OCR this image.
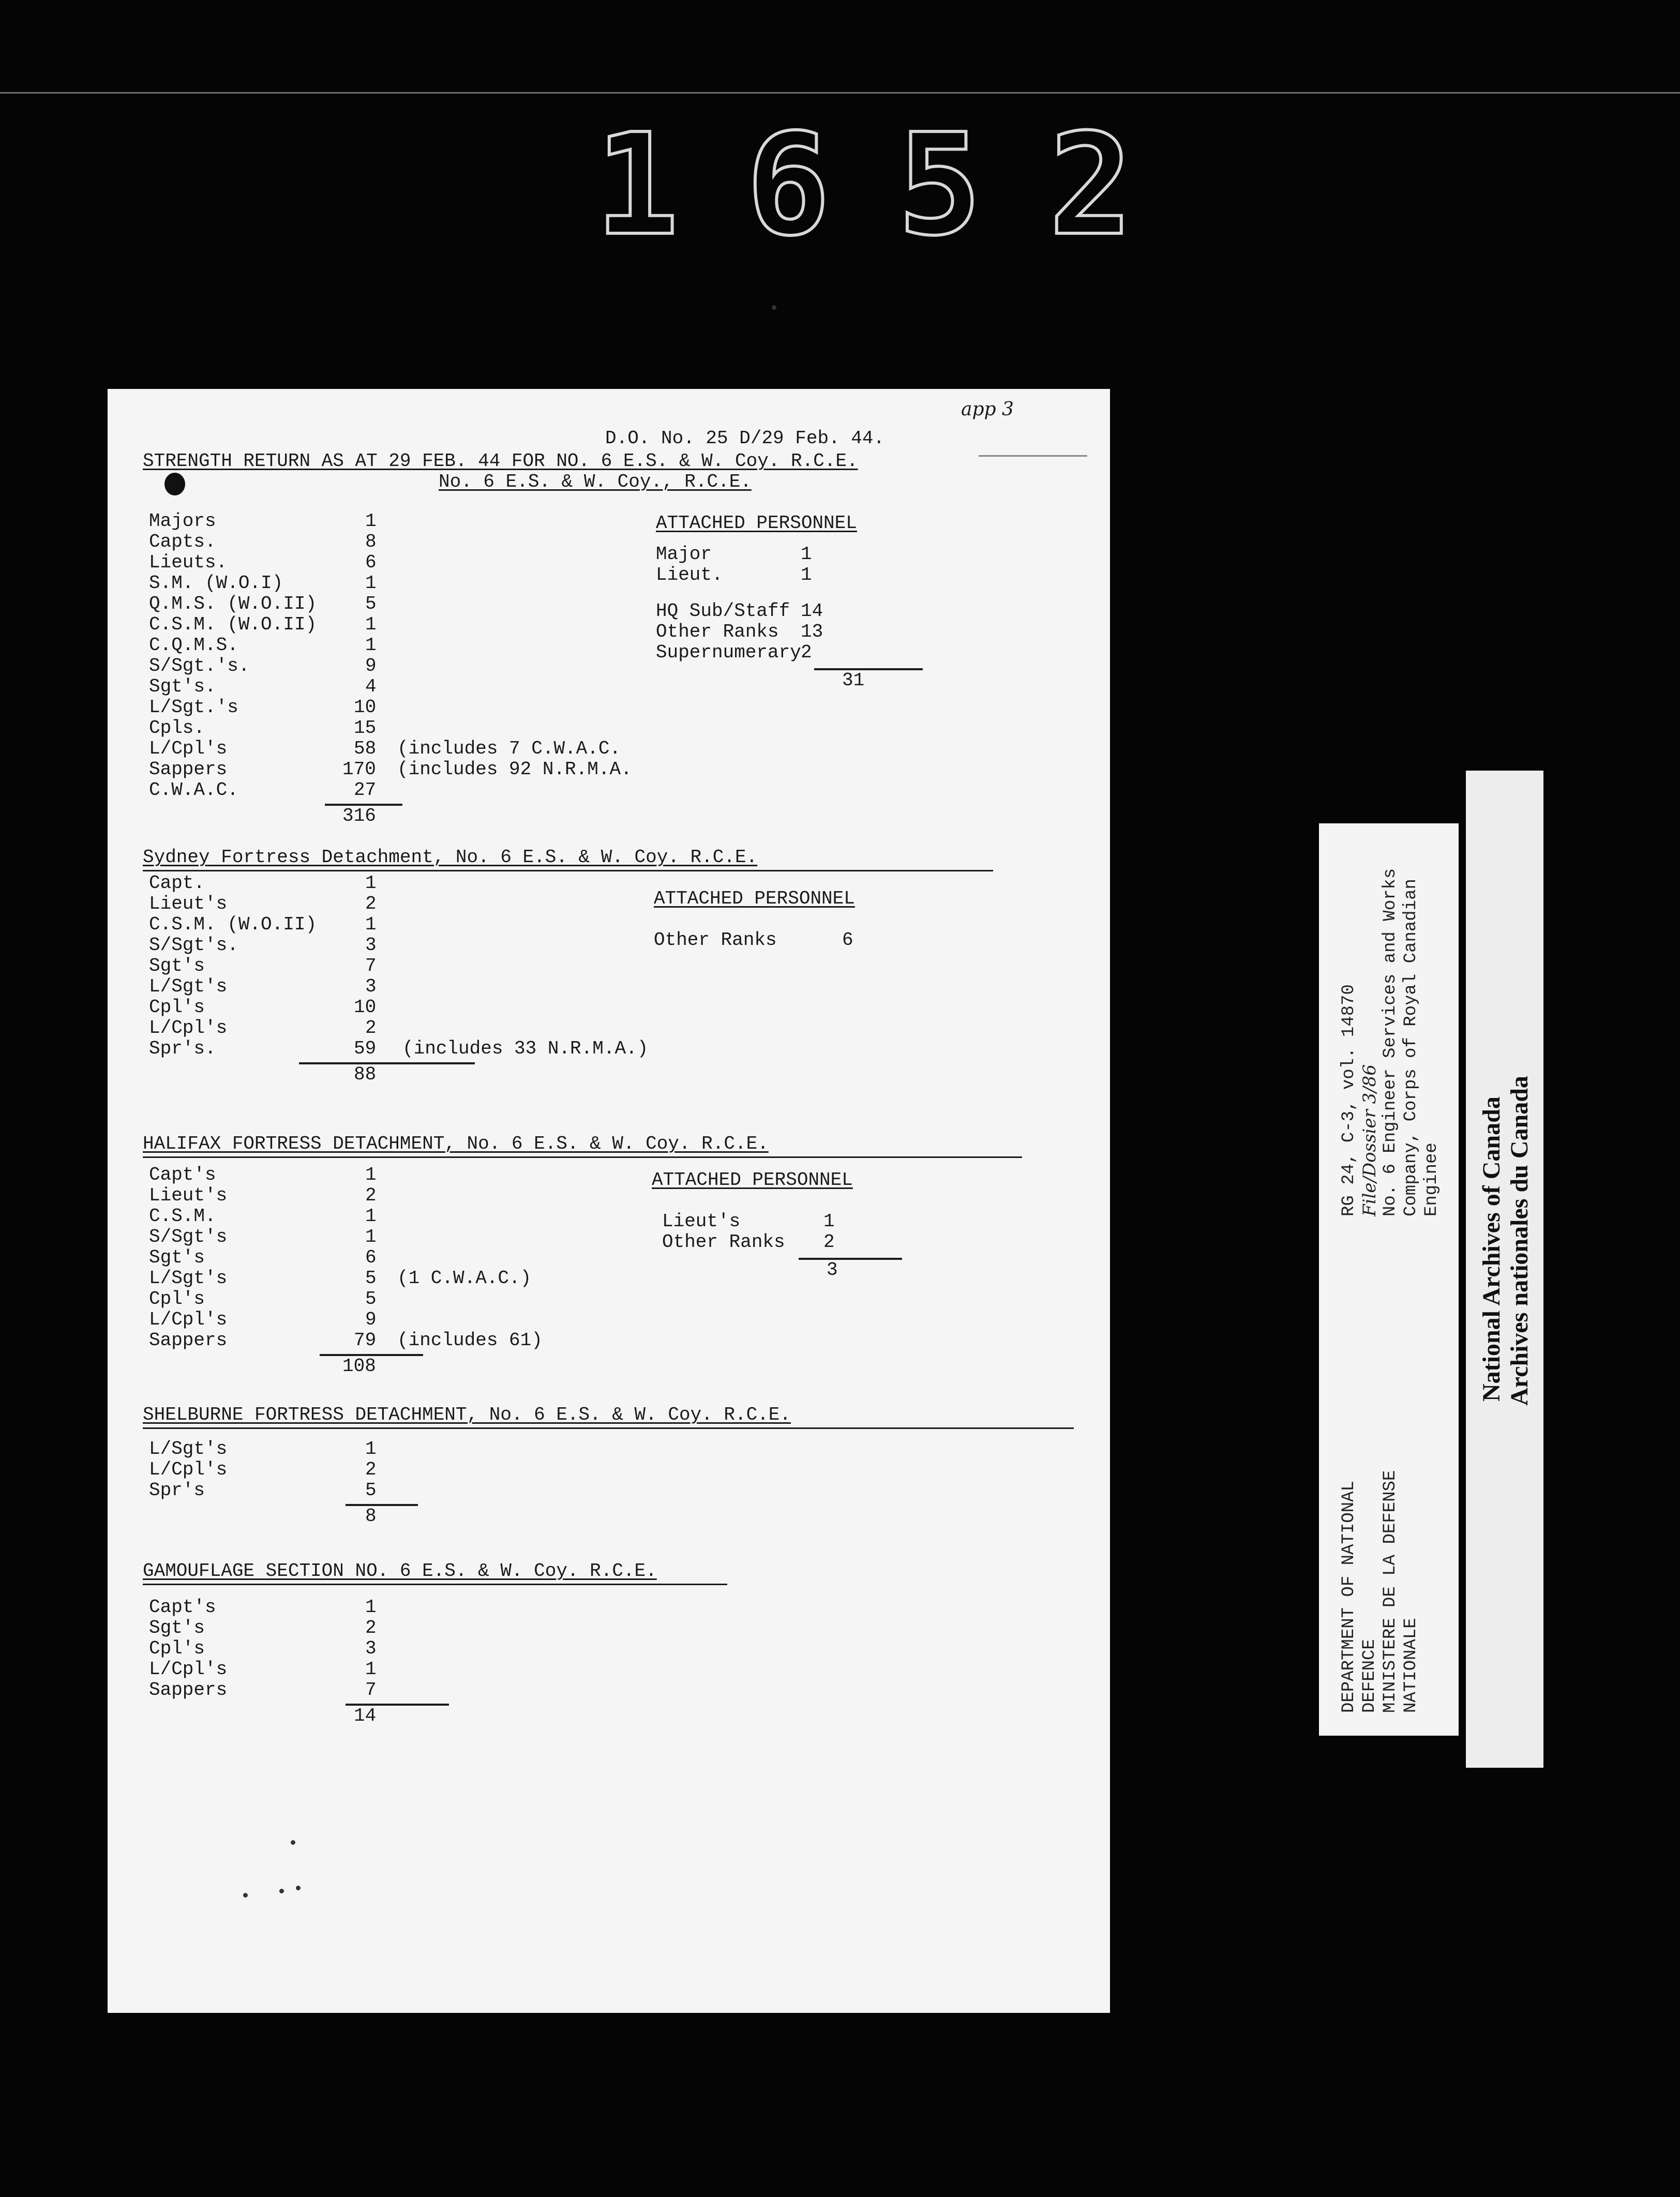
1652
D.O. No. 25 D/29 Feb. 44.
app 3
STRENGTH RETURN AS AT 29 FEB. 44 FOR NO. 6 E.S. & W. Coy. R.C.E.
No. 6 E.S. & W. Coy., R.C.E.
Majors	1
Capts.	8
Lieuts.	6
S.M. (W.O.I)	1
Q.M.S. (W.O.II)	5
C.S.M. (W.O.II)	1
C.Q.M.S.	1
S/Sgt.'s.	9
Sgt's.	4
L/Sgt.'s	10
Cpls.	15
L/Cpl's	58 (includes 7 C.W.A.C.
Sappers	170 (includes 92 N.R.M.A.
C.W.A.C.	27
316
ATTACHED PERSONNEL
Major	1
Lieut.	1
HQ Sub/Staff 14
Other Ranks 13
Supernumerary 2
31
Sydney Fortress Detachment, No. 6 E.S. & W. Coy. R.C.E.
Capt.	1
Lieut's	2
C.S.M. (W.O.II)	1
S/Sgt's.	3
Sgt's	7
L/Sgt's	3
Cpl's	10
L/Cpl's	2
Spr's.	59 (includes 33 N.R.M.A.)
88
ATTACHED PERSONNEL
Other Ranks	6
HALIFAX FORTRESS DETACHMENT, No. 6 E.S. & W. Coy. R.C.E.
Capt's	1
Lieut's	2
C.S.M.	1
S/Sgt's	1
Sgt's	6
L/Sgt's	5 (1 C.W.A.C.)
Cpl's	5
L/Cpl's	9
Sappers	79 (includes 61)
108
ATTACHED PERSONNEL
Lieut's	1
Other Ranks 2
3
SHELBURNE FORTRESS DETACHMENT, No. 6 E.S. & W. Coy. R.C.E.
L/Sgt's	1
L/Cpl's	2
Spr's	5
8
GAMOUFLAGE SECTION NO. 6 E.S. & W. Coy. R.C.E.
Capt's	1
Sgt's	2
Cpl's	3
L/Cpl's	1
Sappers	7
14
DEPARTMENT OF NATIONAL DEFENCE MINISTERE DE LA DEFENSE NATIONALE
RG 24, C-3, vol. 14870 File/Dossier 3/86 No. 6 Engineer Services and Works Company, Corps of Royal Canadian Enginee National Archives of Canada Archives nationales du Canada
